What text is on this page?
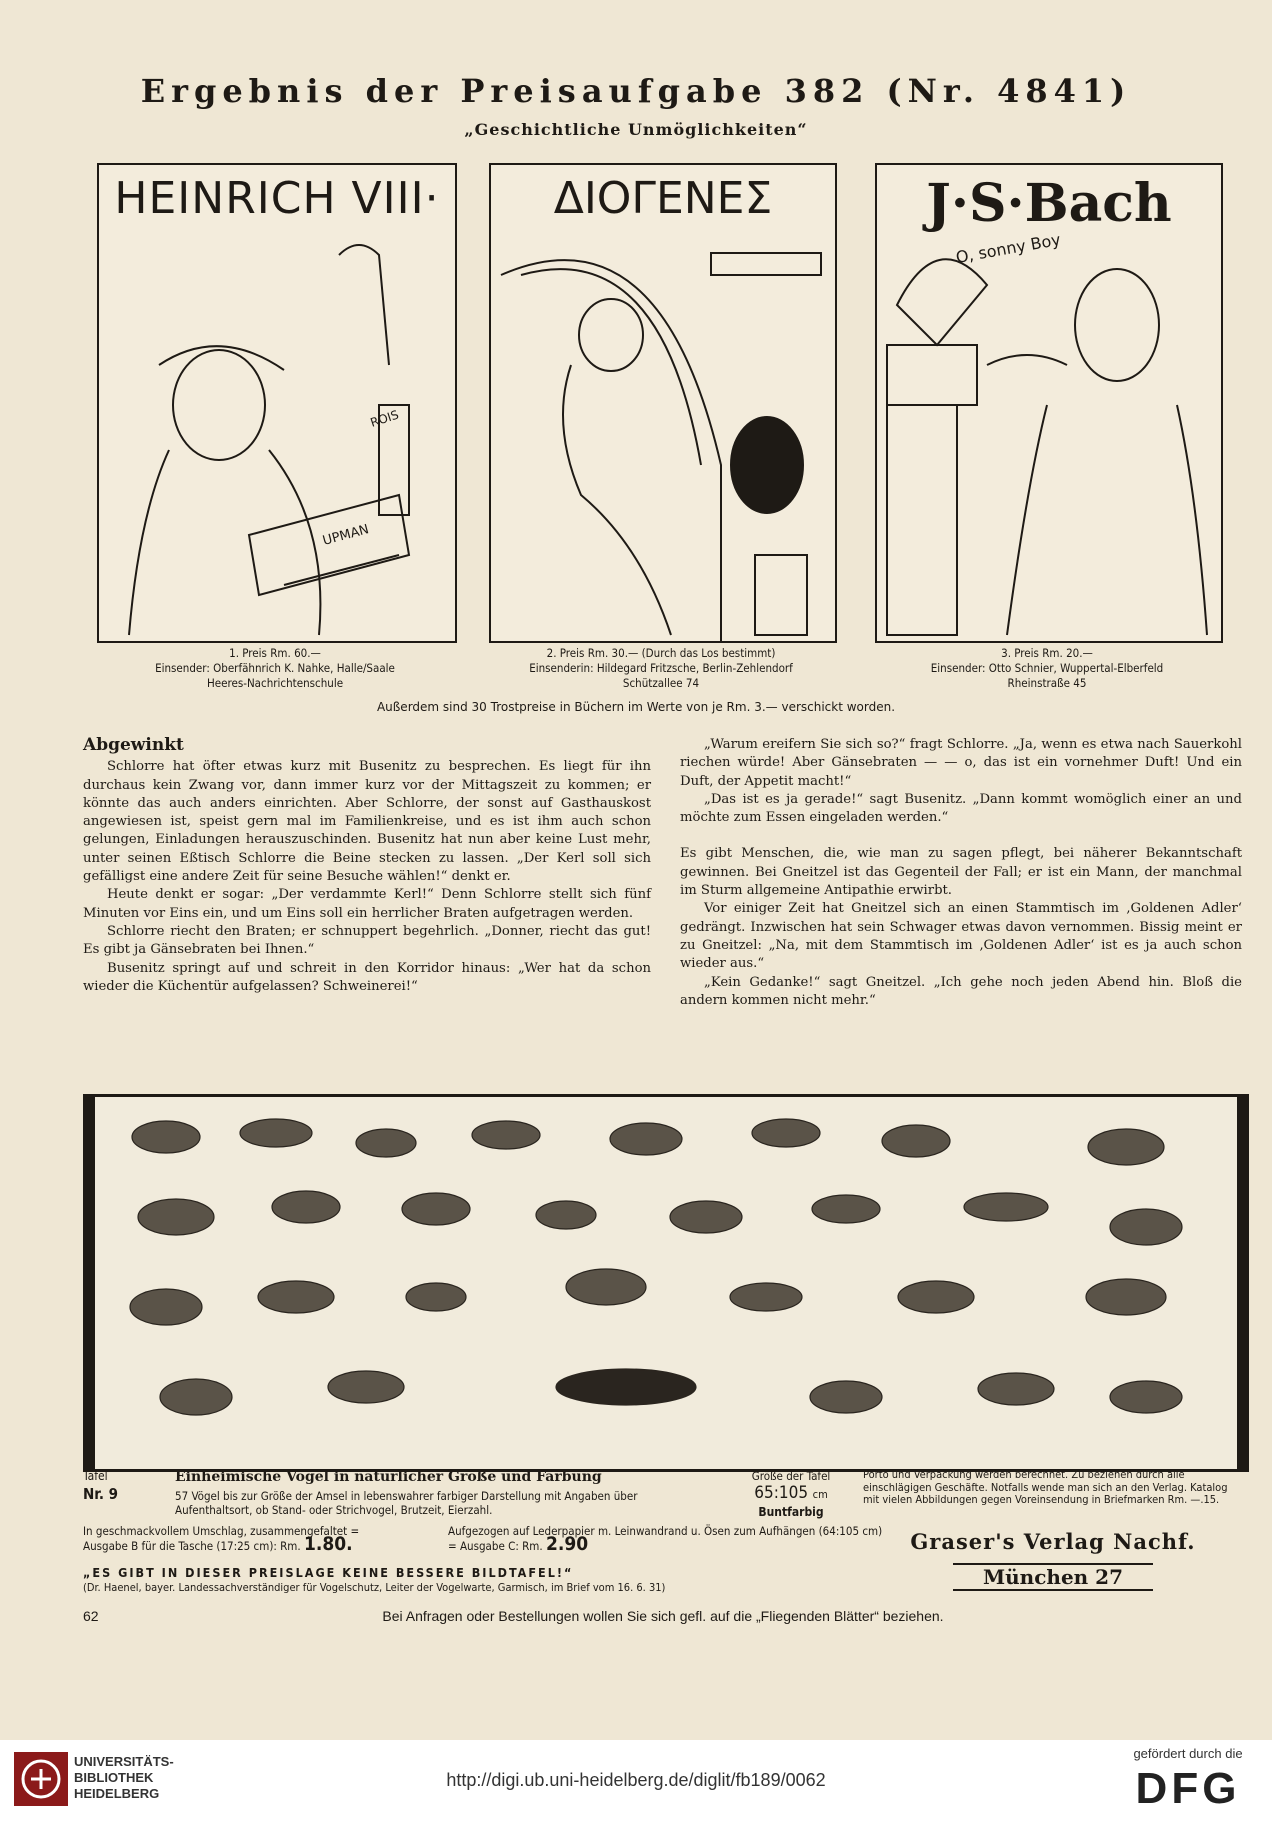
Ergebnis der Preisaufgabe 382 (Nr. 4841)
„Geschichtliche Unmöglichkeiten“
HEINRICH VIII·
ROIS
UPMAN
ΔΙΟΓΕΝΕΣ	J·S·Bach
O, sonny Boy
1. Preis Rm. 60.—
Einsender: Oberfähnrich K. Nahke, Halle/Saale
Heeres-Nachrichtenschule
2. Preis Rm. 30.— (Durch das Los bestimmt)
Einsenderin: Hildegard Fritzsche, Berlin-Zehlendorf
Schützallee 74
3. Preis Rm. 20.—
Einsender: Otto Schnier, Wuppertal-Elberfeld
Rheinstraße 45
Außerdem sind 30 Trostpreise in Büchern im Werte von je Rm. 3.— verschickt worden.
Abgewinkt

Schlorre hat öfter etwas kurz mit Busenitz zu besprechen. Es liegt für ihn durchaus kein Zwang vor, dann immer kurz vor der Mittagszeit zu kommen; er könnte das auch anders einrichten. Aber Schlorre, der sonst auf Gasthauskost angewiesen ist, speist gern mal im Familienkreise, und es ist ihm auch schon gelungen, Einladungen herauszuschinden. Busenitz hat nun aber keine Lust mehr, unter seinen Eßtisch Schlorre die Beine stecken zu lassen. „Der Kerl soll sich gefälligst eine andere Zeit für seine Besuche wählen!“ denkt er.

Heute denkt er sogar: „Der verdammte Kerl!“ Denn Schlorre stellt sich fünf Minuten vor Eins ein, und um Eins soll ein herrlicher Braten aufgetragen werden.

Schlorre riecht den Braten; er schnuppert begehrlich. „Donner, riecht das gut! Es gibt ja Gänsebraten bei Ihnen.“

Busenitz springt auf und schreit in den Korridor hinaus: „Wer hat da schon wieder die Küchentür aufgelassen? Schweinerei!“

„Warum ereifern Sie sich so?“ fragt Schlorre. „Ja, wenn es etwa nach Sauerkohl riechen würde! Aber Gänsebraten — — o, das ist ein vornehmer Duft! Und ein Duft, der Appetit macht!“

„Das ist es ja gerade!“ sagt Busenitz. „Dann kommt womöglich einer an und möchte zum Essen eingeladen werden.“

Es gibt Menschen, die, wie man zu sagen pflegt, bei näherer Bekanntschaft gewinnen. Bei Gneitzel ist das Gegenteil der Fall; er ist ein Mann, der manchmal im Sturm allgemeine Antipathie erwirbt.

Vor einiger Zeit hat Gneitzel sich an einen Stammtisch im ‚Goldenen Adler‘ gedrängt. Inzwischen hat sein Schwager etwas davon vernommen. Bissig meint er zu Gneitzel: „Na, mit dem Stammtisch im ‚Goldenen Adler‘ ist es ja auch schon wieder aus.“

„Kein Gedanke!“ sagt Gneitzel. „Ich gehe noch jeden Abend hin. Bloß die andern kommen nicht mehr.“

Tafel
Nr. 9
Einheimische Vögel in natürlicher Größe und Färbung
57 Vögel bis zur Größe der Amsel in lebenswahrer farbiger Darstellung mit Angaben über Aufenthaltsort, ob Stand- oder Strichvogel, Brutzeit, Eierzahl.
Größe der Tafel
65:105 cm
Buntfarbig
Porto und Verpackung werden berechnet. Zu beziehen durch alle einschlägigen Geschäfte. Notfalls wende man sich an den Verlag. Katalog mit vielen Abbildungen gegen Voreinsendung in Briefmarken Rm. —.15.
In geschmackvollem Umschlag, zusammengefaltet = Ausgabe B für die Tasche (17:25 cm): Rm. 1.80.
Aufgezogen auf Lederpapier m. Leinwandrand u. Ösen zum Aufhängen (64:105 cm) = Ausgabe C: Rm. 2.90	Graser's Verlag Nachf.
München 27
„ES GIBT IN DIESER PREISLAGE KEINE BESSERE BILDTAFEL!“
(Dr. Haenel, bayer. Landessachverständiger für Vogelschutz, Leiter der Vogelwarte, Garmisch, im Brief vom 16. 6. 31)
62	Bei Anfragen oder Bestellungen wollen Sie sich gefl. auf die „Fliegenden Blätter“ beziehen.
UNIVERSITÄTS-
BIBLIOTHEK
HEIDELBERG
http://digi.ub.uni-heidelberg.de/diglit/fb189/0062
gefördert durch die
DFG
